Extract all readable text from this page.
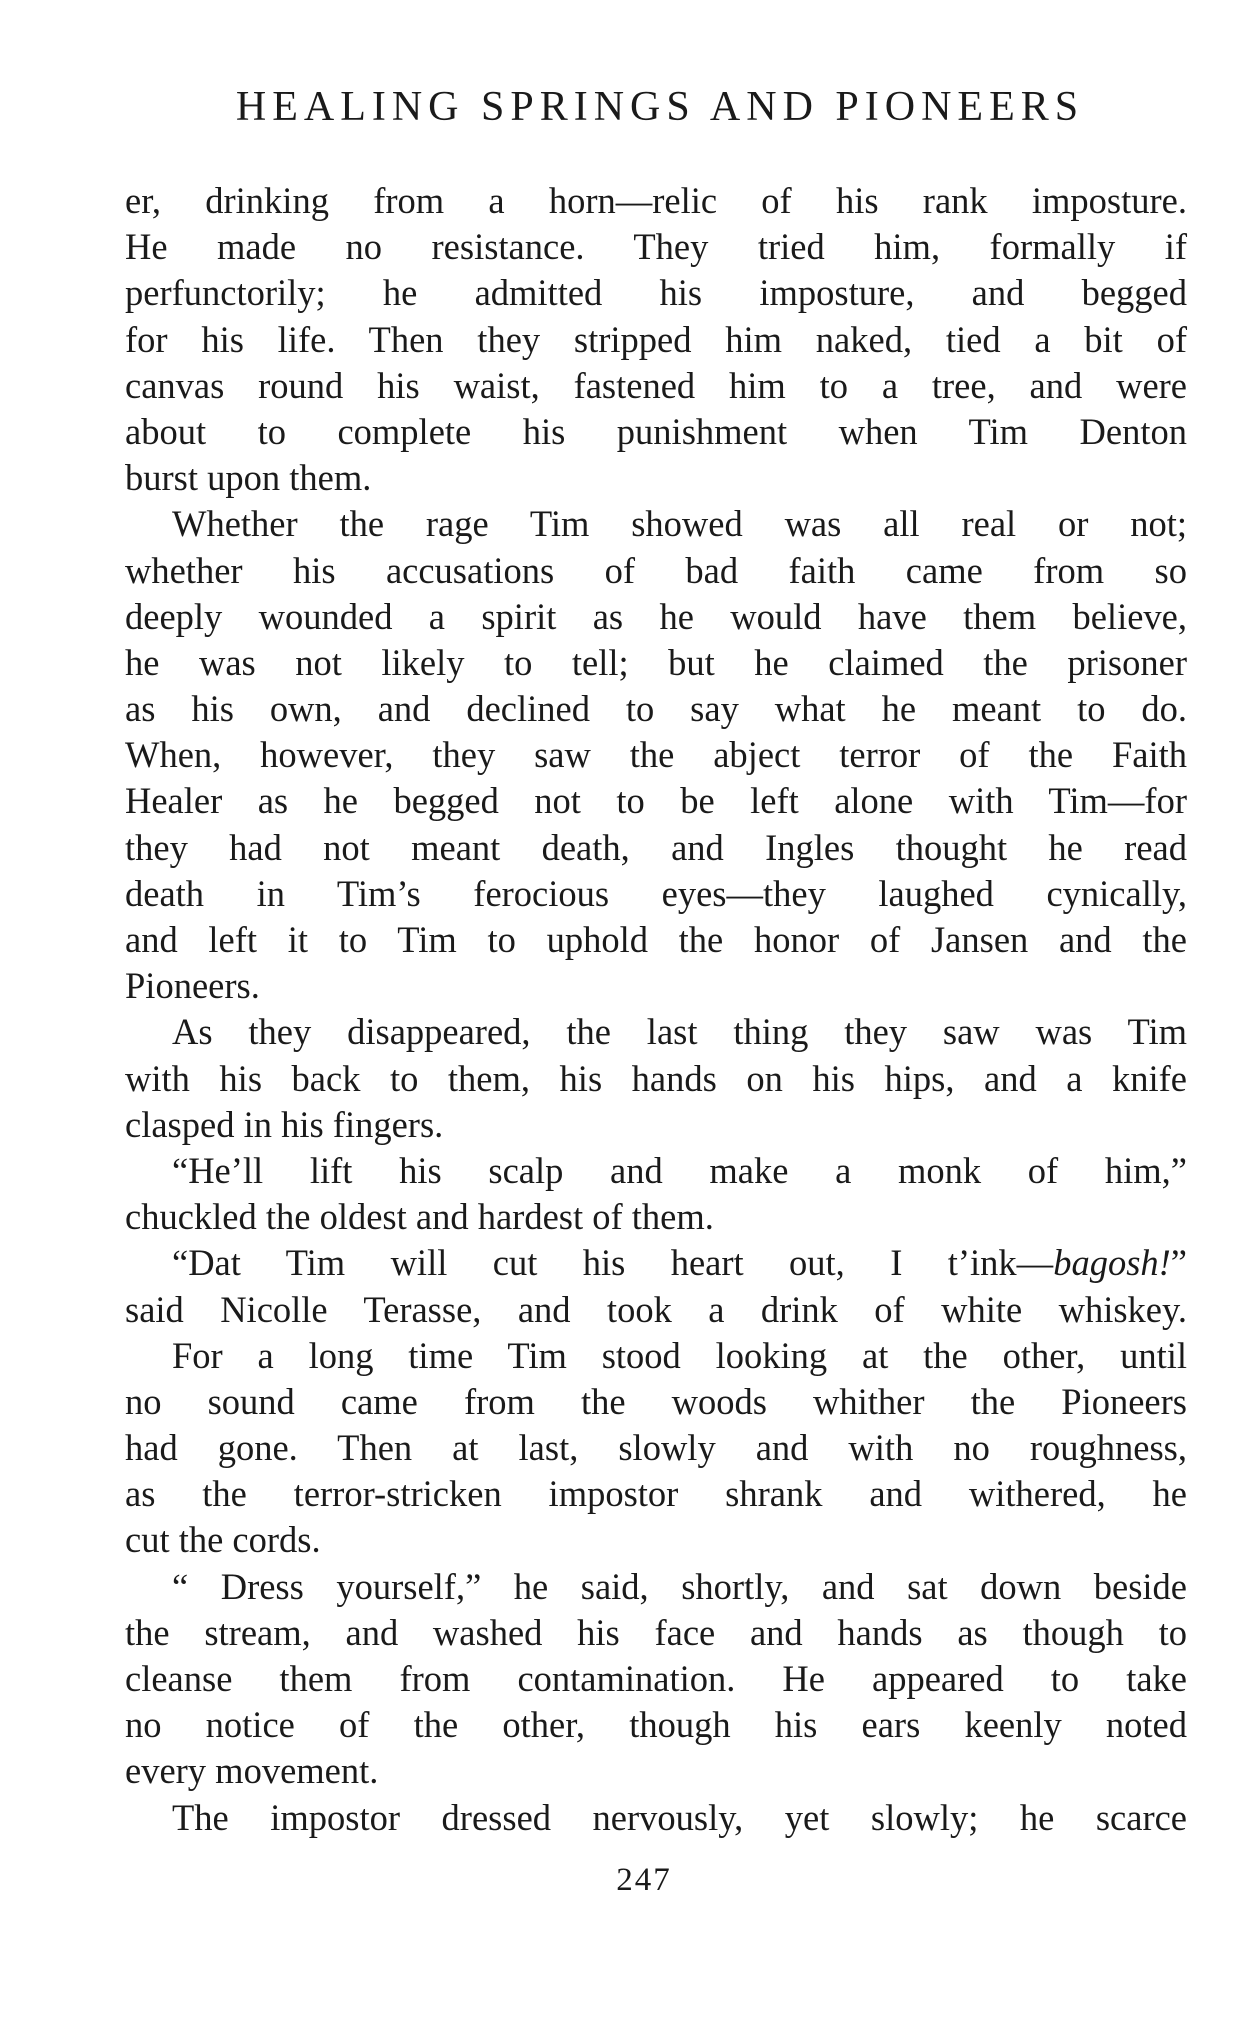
HEALING SPRINGS AND PIONEERS
er, drinking from a horn—relic of his rank imposture.
He made no resistance. They tried him, formally if
perfunctorily; he admitted his imposture, and begged
for his life. Then they stripped him naked, tied a bit of
canvas round his waist, fastened him to a tree, and were
about to complete his punishment when Tim Denton
burst upon them.
Whether the rage Tim showed was all real or not;
whether his accusations of bad faith came from so
deeply wounded a spirit as he would have them believe,
he was not likely to tell; but he claimed the prisoner
as his own, and declined to say what he meant to do.
When, however, they saw the abject terror of the Faith
Healer as he begged not to be left alone with Tim—for
they had not meant death, and Ingles thought he read
death in Tim’s ferocious eyes—they laughed cynically,
and left it to Tim to uphold the honor of Jansen and the
Pioneers.
As they disappeared, the last thing they saw was Tim
with his back to them, his hands on his hips, and a knife
clasped in his fingers.
“He’ll lift his scalp and make a monk of him,”
chuckled the oldest and hardest of them.
“Dat Tim will cut his heart out, I t’ink—bagosh!”
said Nicolle Terasse, and took a drink of white whiskey.
For a long time Tim stood looking at the other, until
no sound came from the woods whither the Pioneers
had gone. Then at last, slowly and with no roughness,
as the terror-stricken impostor shrank and withered, he
cut the cords.
“ Dress yourself,” he said, shortly, and sat down beside
the stream, and washed his face and hands as though to
cleanse them from contamination. He appeared to take
no notice of the other, though his ears keenly noted
every movement.
The impostor dressed nervously, yet slowly; he scarce
247
